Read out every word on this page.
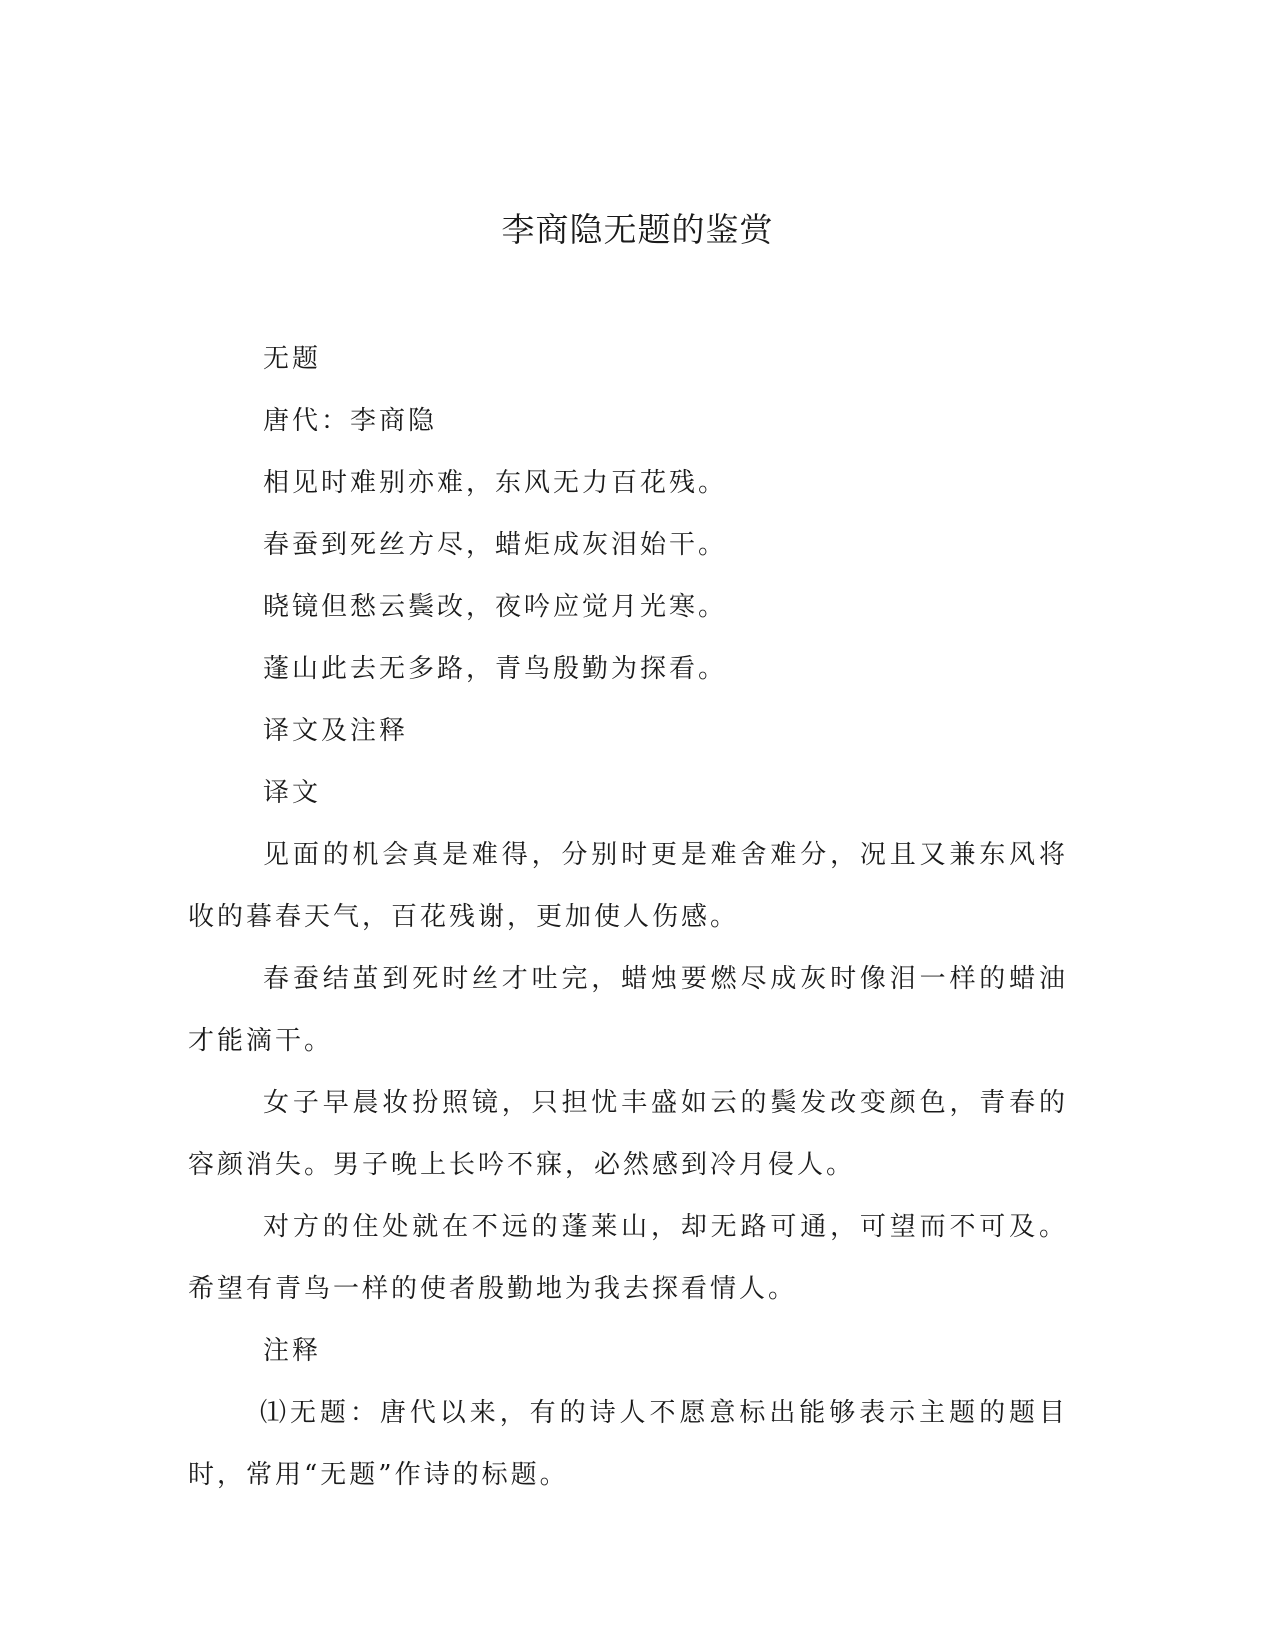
李商隐无题的鉴赏

无题

唐代：李商隐

相见时难别亦难，东风无力百花残。

春蚕到死丝方尽，蜡炬成灰泪始干。

晓镜但愁云鬓改，夜吟应觉月光寒。

蓬山此去无多路，青鸟殷勤为探看。

译文及注释

译文

见面的机会真是难得，分别时更是难舍难分，况且又兼东风将收的暮春天气，百花残谢，更加使人伤感。

春蚕结茧到死时丝才吐完，蜡烛要燃尽成灰时像泪一样的蜡油才能滴干。

女子早晨妆扮照镜，只担忧丰盛如云的鬓发改变颜色，青春的容颜消失。男子晚上长吟不寐，必然感到冷月侵人。

对方的住处就在不远的蓬莱山，却无路可通，可望而不可及。希望有青鸟一样的使者殷勤地为我去探看情人。

注释

⑴无题：唐代以来，有的诗人不愿意标出能够表示主题的题目时，常用“无题”作诗的标题。
